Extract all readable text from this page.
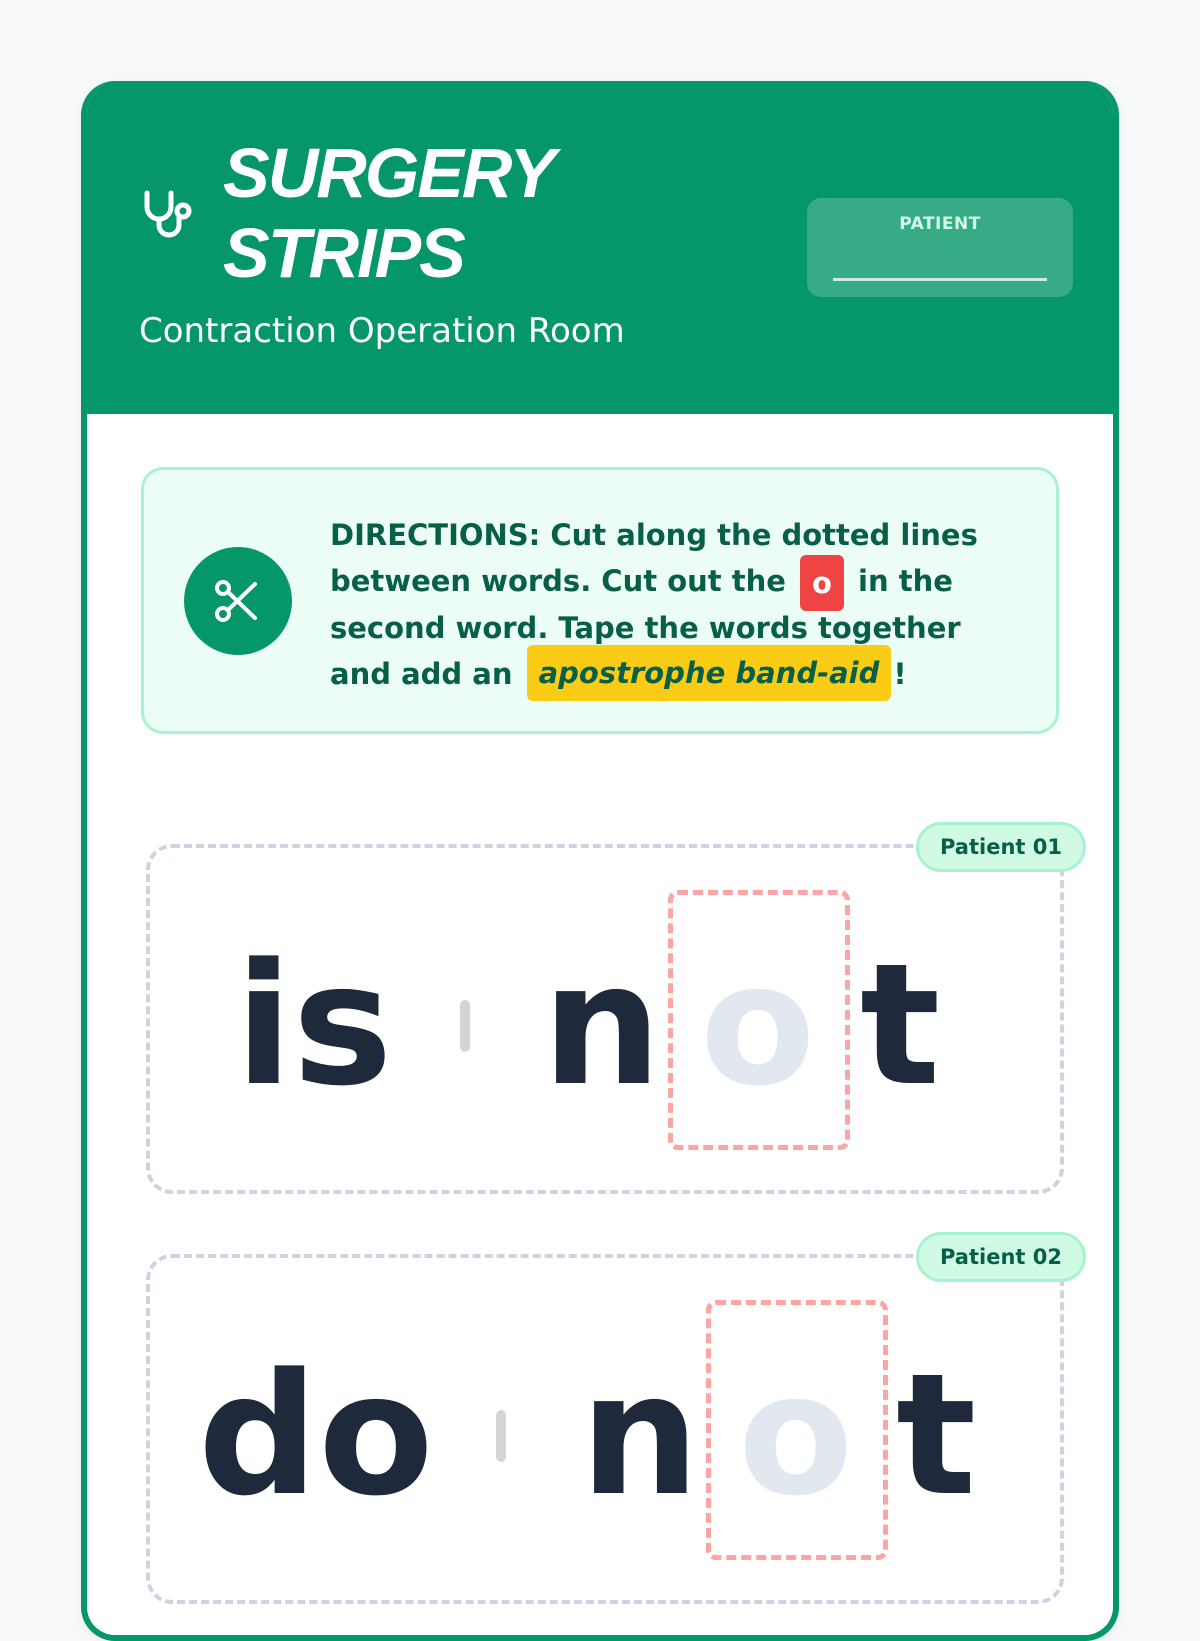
SURGERY
STRIPS

Contraction Operation Room

PATIENT

DIRECTIONS: Cut along the dotted lines between words. Cut out the o in the second word. Tape the words together and add an apostrophe band-aid !

Patient 01
is n o t
Patient 02
do n o t
